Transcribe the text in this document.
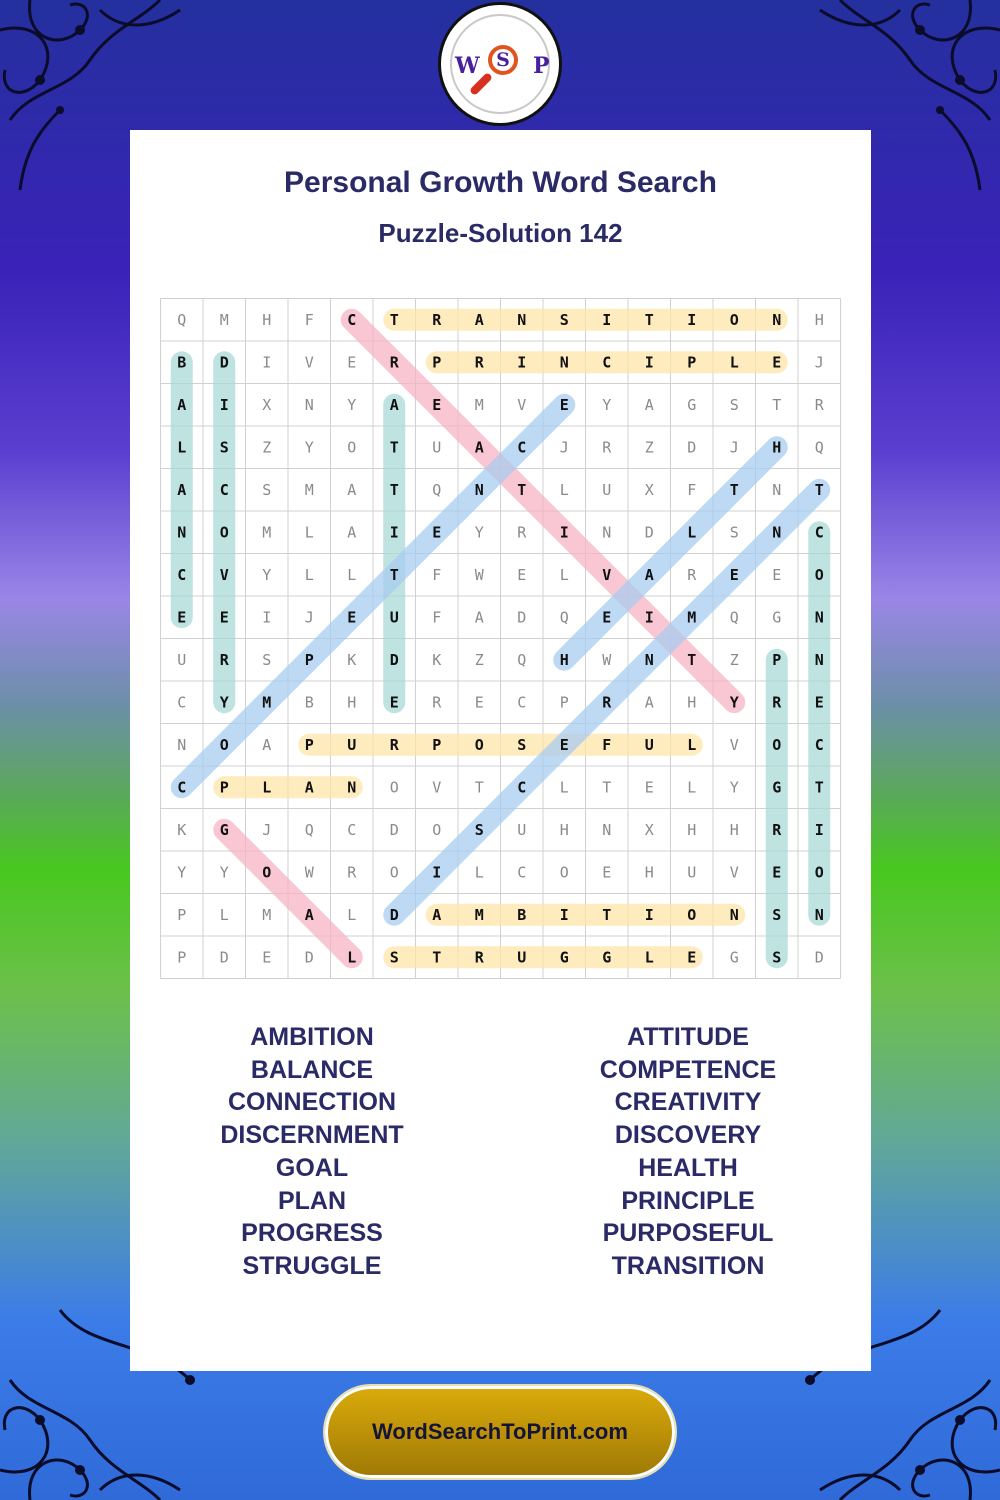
W S	P
Personal Growth Word Search
Puzzle-Solution 142
Q M H F C T R A N S I T I O N H
B D I V E R P R I N C I P L E J
A I X N Y A E M V E Y A G S T R
L S Z Y O T U A C J R Z D J H Q
A C S M A T Q N T L U X F T N T
N O M L A I E Y R I N D L S N C
C V Y L L T F W E L V A R E E O
E E I J E U F A D Q E I M Q G N
U R S P K D K Z Q H W N T Z P N
C Y M B H E R E C P R A H Y R E
N O A P U R P O S E F U L V O C
C P L A N O V T C L T E L Y G T
K G J Q C D O S U H N X H H R I
Y Y O W R O I L C O E H U V E O
P L M A L D A M B I T I O N S N
P D E D L S T R U G G L E G S D
AMBITION
BALANCE
CONNECTION
DISCERNMENT
GOAL
PLAN
PROGRESS
STRUGGLE
ATTITUDE
COMPETENCE
CREATIVITY
DISCOVERY
HEALTH
PRINCIPLE
PURPOSEFUL
TRANSITION
WordSearchToPrint.com
